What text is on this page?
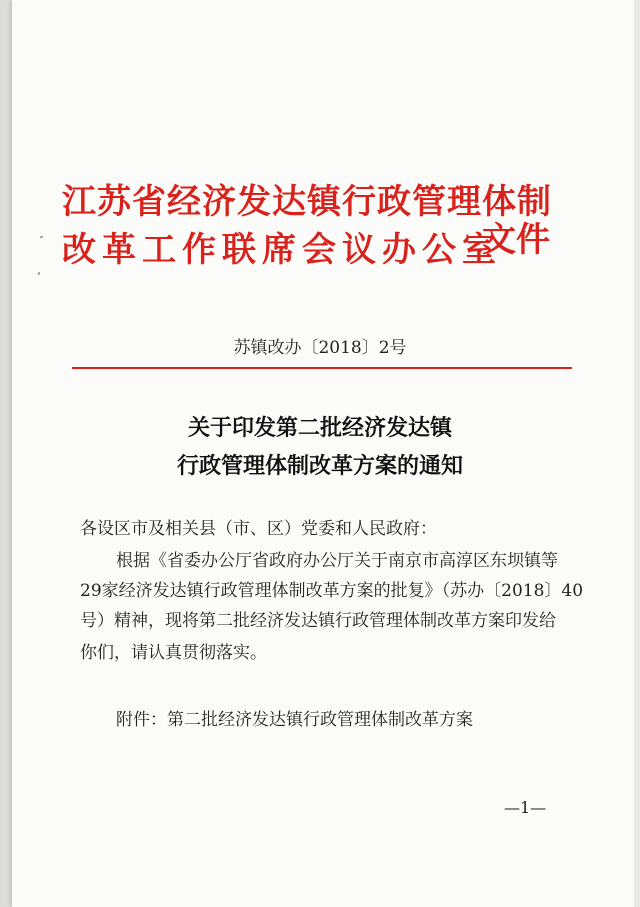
江苏省经济发达镇行政管理体制
改革工作联席会议办公室
文件
苏镇改办〔2018〕2号
关于印发第二批经济发达镇
行政管理体制改革方案的通知
各设区市及相关县（市、区）党委和人民政府：
根据《省委办公厅省政府办公厅关于南京市高淳区东坝镇等
29家经济发达镇行政管理体制改革方案的批复》（苏办〔2018〕40
号）精神，现将第二批经济发达镇行政管理体制改革方案印发给
你们，请认真贯彻落实。
附件：第二批经济发达镇行政管理体制改革方案
—1—
